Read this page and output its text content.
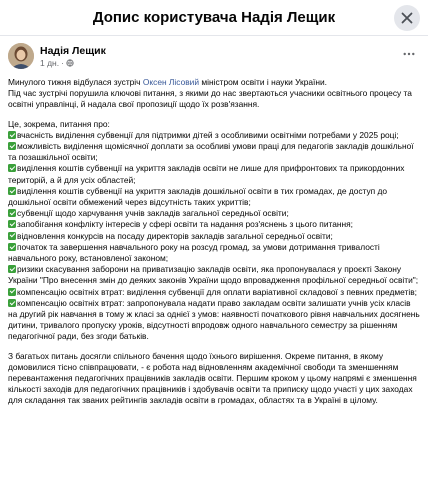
Допис користувача Надія Лещик
Надія Лещик
1 дн. ·

Минулого тижня відбулася зустріч Оксен Лісовий міністром освіти і науки України.
Під час зустрічі порушила ключові питання, з якими до нас звертаються учасники освітнього процесу та освітні управлінці, й надала свої пропозиції щодо їх розв'язання.

Це, зокрема, питання про:

вчасність виділення субвенції для підтримки дітей з особливими освітніми потребами у 2025 році;
можливість виділення щомісячної доплати за особливі умови праці для педагогів закладів дошкільної та позашкільної освіти;
виділення коштів субвенції на укриття закладів освіти не лише для прифронтових та прикордонних територій, а й для усіх областей;
виділення коштів субвенції на укриття закладів дошкільної освіти в тих громадах, де доступ до дошкільної освіти обмежений через відсутність таких укриттів;
субвенції щодо харчування учнів закладів загальної середньої освіти;
запобігання конфлікту інтересів у сфері освіти та надання роз'яснень з цього питання;
відновлення конкурсів на посаду директорів закладів загальної середньої освіти;
початок та завершення навчального року на розсуд громад, за умови дотримання тривалості навчального року, встановленої законом;
ризики скасування заборони на приватизацію закладів освіти, яка пропонувалася у проєкті Закону України "Про внесення змін до деяких законів України щодо впровадження профільної середньої освіти";
компенсацію освітніх втрат: виділення субвенції для оплати варіативної складової з певних предметів;
компенсацію освітніх втрат: запропонувала надати право закладам освіти залишати учнів усіх класів на другий рік навчання в тому ж класі за однієї з умов: наявності початкового рівня навчальних досягнень дитини, тривалого пропуску уроків, відсутності впродовж одного навчального семестру за рішенням педагогічної ради, без згоди батьків.

З багатьох питань досягли спільного бачення щодо їхнього вирішення. Окреме питання, в якому домовилися тісно співпрацювати, - є робота над відновленням академічної свободи та зменшенням перевантаження педагогічних працівників закладів освіти. Першим кроком у цьому напрямі є зменшення кількості заходів для педагогічних працівників і здобувачів освіти та приписку щодо участі у цих заходах для складання так званих рейтингів закладів освіти в громадах, областях та в Україні в цілому.
